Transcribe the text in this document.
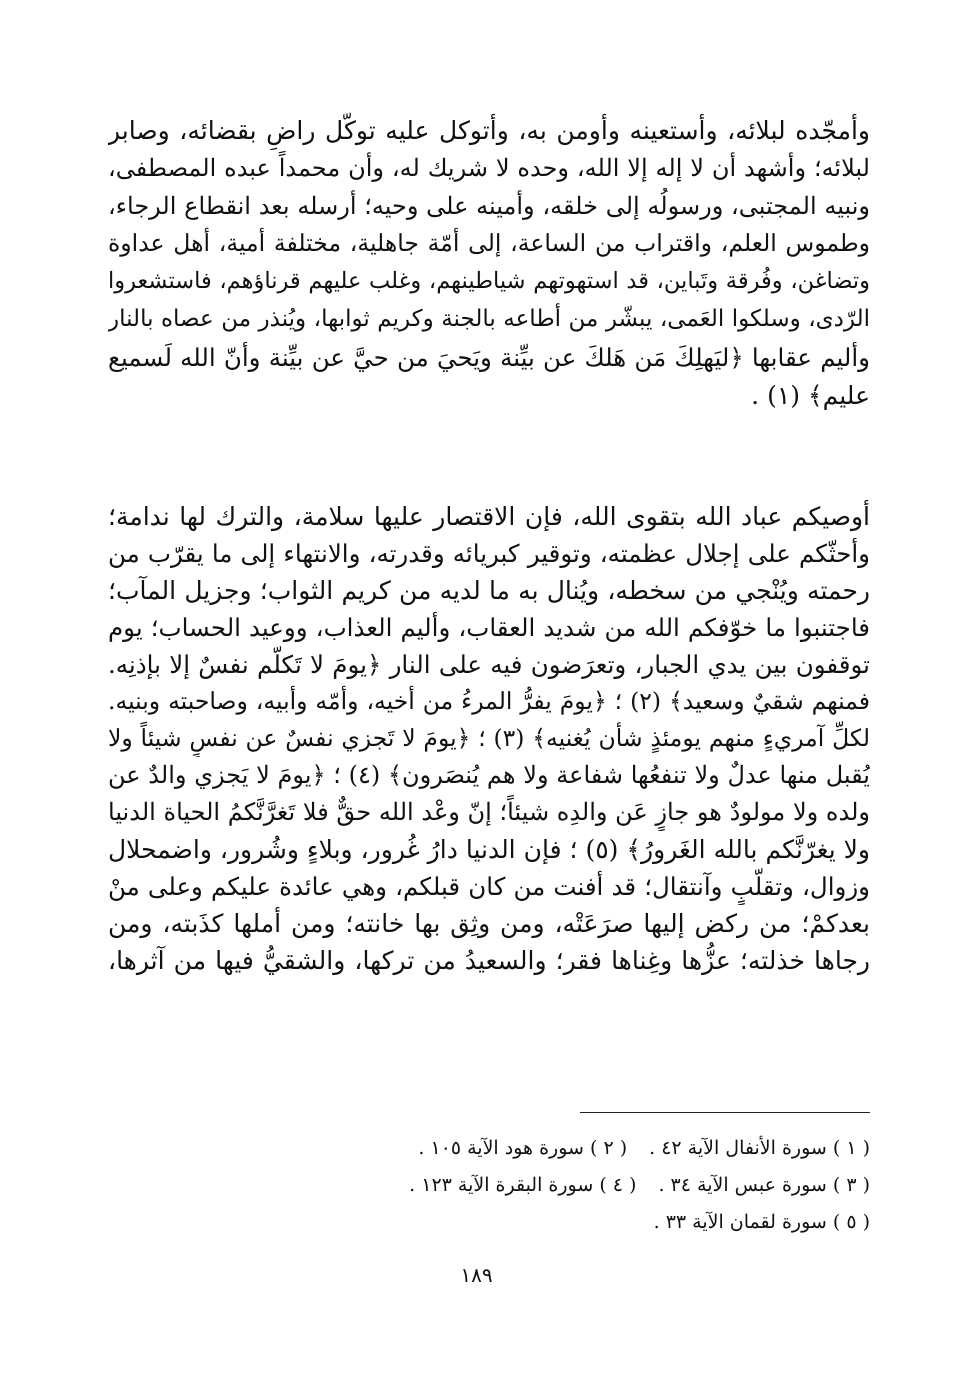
وأمجّده لبلائه، وأستعينه وأومن به، وأتوكل عليه توكّل راضٍ بقضائه، وصابر
لبلائه؛ وأشهد أن لا إله إلا الله، وحده لا شريك له، وأن محمداً عبده المصطفى،
ونبيه المجتبى، ورسولُه إلى خلقه، وأمينه على وحيه؛ أرسله بعد انقطاع الرجاء،
وطموس العلم، واقتراب من الساعة، إلى أمّة جاهلية، مختلفة أمية، أهل عداوة
وتضاغن، وفُرقة وتَباين، قد استهوتهم شياطينهم، وغلب عليهم قرناؤهم، فاستشعروا
الرّدى، وسلكوا العَمى، يبشّر من أطاعه بالجنة وكريم ثوابها، ويُنذر من عصاه بالنار
وأليم عقابها ﴿ليَهلِكَ مَن هَلكَ عن بيِّنة ويَحيَ من حيَّ عن بيِّنة وأنّ الله لَسميع
عليم﴾ (١) .
أوصيكم عباد الله بتقوى الله، فإن الاقتصار عليها سلامة، والترك لها ندامة؛
وأحثّكم على إجلال عظمته، وتوقير كبريائه وقدرته، والانتهاء إلى ما يقرّب من
رحمته ويُنْجي من سخطه، ويُنال به ما لديه من كريم الثواب؛ وجزيل المآب؛
فاجتنبوا ما خوّفكم الله من شديد العقاب، وأليم العذاب، ووعيد الحساب؛ يوم
توقفون بين يدي الجبار، وتعرَضون فيه على النار ﴿يومَ لا تَكلَّم نفسٌ إلا بإذنِه.
فمنهم شقيٌ وسعيد﴾ (٢) ؛ ﴿يومَ يفرُّ المرءُ من أخيه، وأمّه وأبيه، وصاحبته وبنيه.
لكلِّ آمريءٍ منهم يومئذٍ شأن يُغنيه﴾ (٣) ؛ ﴿يومَ لا تَجزي نفسٌ عن نفسٍ شيئاً ولا
يُقبل منها عدلٌ ولا تنفعُها شفاعة ولا هم يُنصَرون﴾ (٤) ؛ ﴿يومَ لا يَجزي والدٌ عن
ولده ولا مولودٌ هو جازٍ عَن والدِه شيئاً؛ إنّ وعْد الله حقٌّ فلا تَغرَّنَّكمُ الحياة الدنيا
ولا يغرّنَّكم بالله الغَرورُ﴾ (٥) ؛ فإن الدنيا دارُ غُرور، وبلاءٍ وشُرور، واضمحلال
وزوال، وتقلّبٍ وآنتقال؛ قد أفنت من كان قبلكم، وهي عائدة عليكم وعلى منْ
بعدكمْ؛ من ركض إليها صرَعَتْه، ومن وثِق بها خانته؛ ومن أملها كذَبته، ومن
رجاها خذلته؛ عزُّها وغِناها فقر؛ والسعيدُ من تركها، والشقيُّ فيها من آثرها،
( ١ ) سورة الأنفال الآية ٤٢ .
( ٢ ) سورة هود الآية ١٠٥ .
( ٣ ) سورة عبس الآية ٣٤ .
( ٤ ) سورة البقرة الآية ١٢٣ .
( ٥ ) سورة لقمان الآية ٣٣ .
١٨٩
